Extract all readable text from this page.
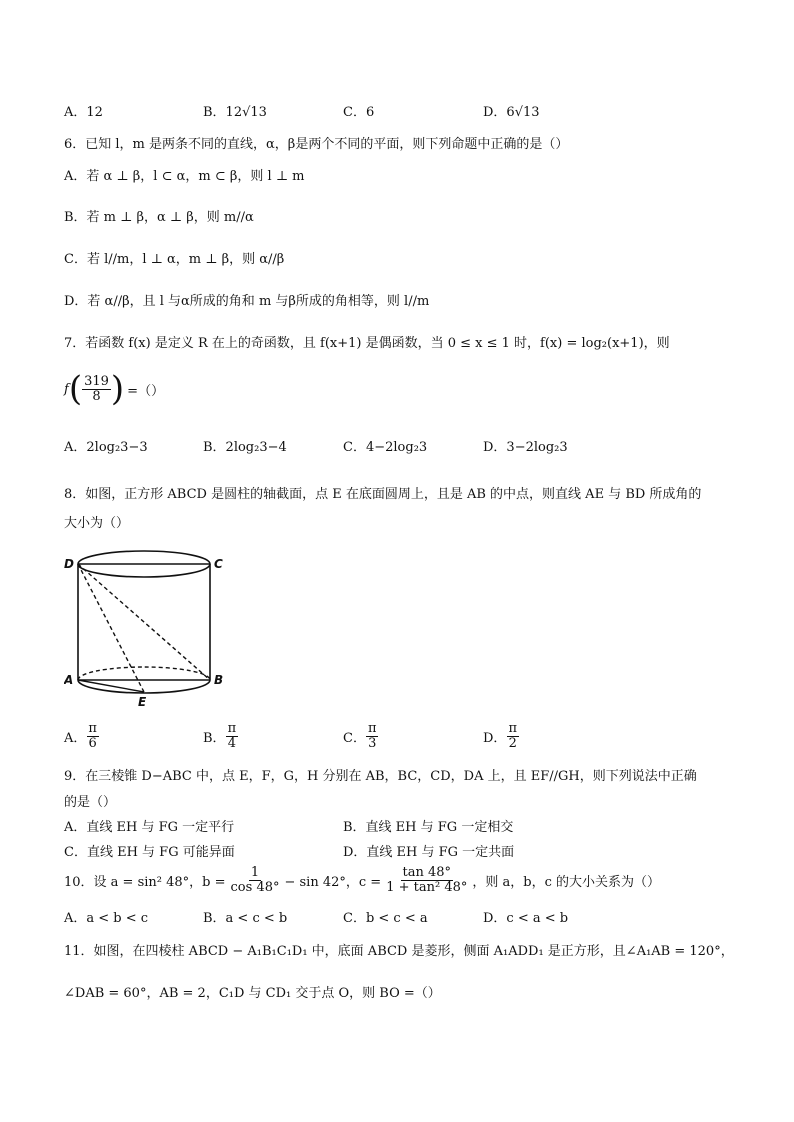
A．12	B．12√13	C．6	D．6√13
6．已知 l，m 是两条不同的直线，α，β是两个不同的平面，则下列命题中正确的是（）
A．若 α ⊥ β，l ⊂ α，m ⊂ β，则 l ⊥ m
B．若 m ⊥ β，α ⊥ β，则 m//α
C．若 l//m，l ⊥ α，m ⊥ β，则 α//β
D．若 α//β，且 l 与α所成的角和 m 与β所成的角相等，则 l//m
7．若函数 f(x) 是定义 R 在上的奇函数，且 f(x+1) 是偶函数，当 0 ≤ x ≤ 1 时，f(x) = log₂(x+1)，则
f ( $\frac{319}{8}$ ) =（）
A．2log₂3−3	B．2log₂3−4	C．4−2log₂3	D．3−2log₂3
8．如图，正方形 ABCD 是圆柱的轴截面，点 E 在底面圆周上，且是 AB 的中点，则直线 AE 与 BD 所成角的
大小为（）
D	C
A	B
E
A． $\frac{\pi}{6}$	B． $\frac{\pi}{4}$	C． $\frac{\pi}{3}$	D． $\frac{\pi}{2}$
9．在三棱锥 D−ABC 中，点 E，F，G，H 分别在 AB，BC，CD，DA 上，且 EF//GH，则下列说法中正确
的是（）
A．直线 EH 与 FG 一定平行	B．直线 EH 与 FG 一定相交
C．直线 EH 与 FG 可能异面	D．直线 EH 与 FG 一定共面
10．设 a = sin² 48°，$b = \frac{1}{\cos 48^\circ} - \sin 42^\circ$，$c = \frac{\tan 48^\circ}{\text{1 + tan² 48°}}$ ，则 a，b，c 的大小关系为（）
A．a < b < c	B．a < c < b	C．b < c < a	D．c < a < b
11．如图，在四棱柱 ABCD − A₁B₁C₁D₁ 中，底面 ABCD 是菱形，侧面 A₁ADD₁ 是正方形，且∠A₁AB = 120°，
∠DAB = 60°，AB = 2，C₁D 与 CD₁ 交于点 O，则 BO =（）
